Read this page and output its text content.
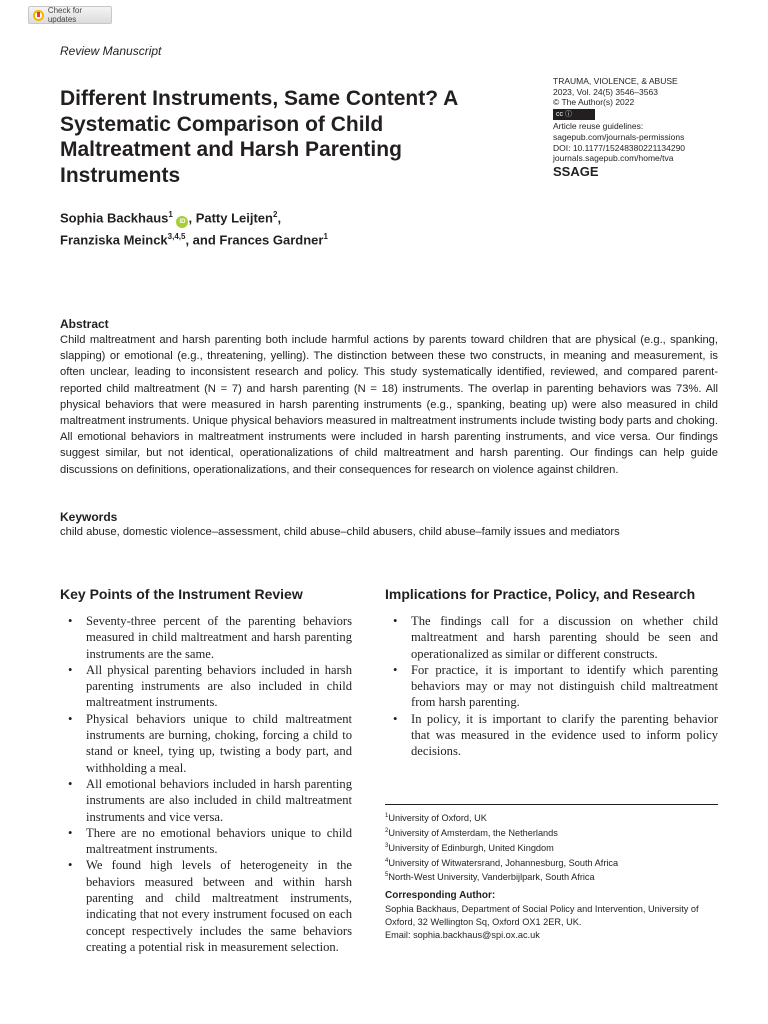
Check for updates
Review Manuscript
Different Instruments, Same Content? A Systematic Comparison of Child Maltreatment and Harsh Parenting Instruments
TRAUMA, VIOLENCE, & ABUSE
2023, Vol. 24(5) 3546–3563
© The Author(s) 2022
cc ⓘ
Article reuse guidelines:
sagepub.com/journals-permissions
DOI: 10.1177/15248380221134290
journals.sagepub.com/home/tva
SSAGE
Sophia Backhaus$^1$ iD , Patty Leijten$^2$,
Franziska Meinck$^{3,4,5}$, and Frances Gardner$^1$
Abstract

Child maltreatment and harsh parenting both include harmful actions by parents toward children that are physical (e.g., spanking, slapping) or emotional (e.g., threatening, yelling). The distinction between these two constructs, in meaning and measurement, is often unclear, leading to inconsistent research and policy. This study systematically identified, reviewed, and compared parent-reported child maltreatment (N = 7) and harsh parenting (N = 18) instruments. The overlap in parenting behaviors was 73%. All physical behaviors that were measured in harsh parenting instruments (e.g., spanking, beating up) were also measured in child maltreatment instruments. Unique physical behaviors measured in maltreatment instruments include twisting body parts and choking. All emotional behaviors in maltreatment instruments were included in harsh parenting instruments, and vice versa. Our findings suggest similar, but not identical, operationalizations of child maltreatment and harsh parenting. Our findings can help guide discussions on definitions, operationalizations, and their consequences for research on violence against children.

Keywords

child abuse, domestic violence–assessment, child abuse–child abusers, child abuse–family issues and mediators

Key Points of the Instrument Review
• Seventy-three percent of the parenting behaviors measured in child maltreatment and harsh parenting instruments are the same.
• All physical parenting behaviors included in harsh parenting instruments are also included in child maltreatment instruments.
• Physical behaviors unique to child maltreatment instruments are burning, choking, forcing a child to stand or kneel, tying up, twisting a body part, and withholding a meal.
• All emotional behaviors included in harsh parenting instruments are also included in child maltreatment instruments and vice versa.
• There are no emotional behaviors unique to child maltreatment instruments.
• We found high levels of heterogeneity in the behaviors measured between and within harsh parenting and child maltreatment instruments, indicating that not every instrument focused on each concept respectively includes the same behaviors creating a potential risk in measurement selection.
Implications for Practice, Policy, and Research
• The findings call for a discussion on whether child maltreatment and harsh parenting should be seen and operationalized as similar or different constructs.
• For practice, it is important to identify which parenting behaviors may or may not distinguish child maltreatment from harsh parenting.
• In policy, it is important to clarify the parenting behavior that was measured in the evidence used to inform policy decisions.
$^1$University of Oxford, UK
$^2$University of Amsterdam, the Netherlands
$^3$University of Edinburgh, United Kingdom
$^4$University of Witwatersrand, Johannesburg, South Africa
$^5$North-West University, Vanderbijlpark, South Africa
Corresponding Author:
Sophia Backhaus, Department of Social Policy and Intervention, University of Oxford, 32 Wellington Sq, Oxford OX1 2ER, UK.
Email: sophia.backhaus@spi.ox.ac.uk
